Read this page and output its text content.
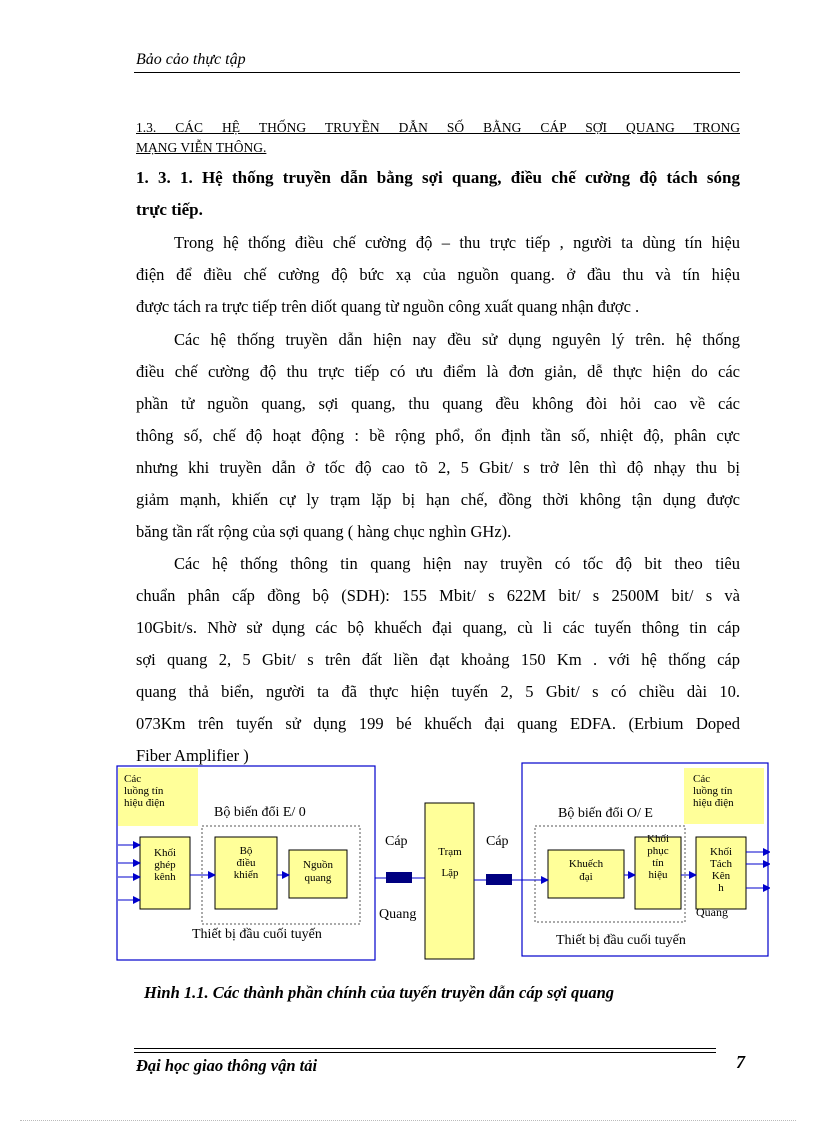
Bảo cảo thực tập
1.3. CÁC HỆ THỐNG TRUYỀN DẪN SỐ BẰNG CÁP SỢI QUANG TRONG
MẠNG VIỄN THÔNG.
1. 3. 1. Hệ thống truyền dẫn bằng sợi quang, điều chế cường độ tách sóng
trực tiếp.
Trong hệ thống điều chế cường độ – thu trực tiếp , người ta dùng tín hiệu
điện để điều chế cường độ bức xạ của nguồn quang. ở đầu thu và tín hiệu
được tách ra trực tiếp trên diốt quang từ nguồn công xuất quang nhận được .
Các hệ thống truyền dẫn hiện nay đều sử dụng nguyên lý trên. hệ thống
điều chế cường độ thu trực tiếp có ưu điểm là đơn giản, dễ thực hiện do các
phần tử nguồn quang, sợi quang, thu quang đều không đòi hỏi cao về các
thông số, chế độ hoạt động : bề rộng phổ, ổn định tần số, nhiệt độ, phân cực
nhưng khi truyền dẫn ở tốc độ cao tõ 2, 5 Gbit/ s trở lên thì độ nhạy thu bị
giảm mạnh, khiến cự ly trạm lặp bị hạn chế, đồng thời không tận dụng được
băng tần rất rộng của sợi quang ( hàng chục nghìn GHz).
Các hệ thống thông tin quang hiện nay truyền có tốc độ bit theo tiêu
chuẩn phân cấp đồng bộ (SDH): 155 Mbit/ s 622M bit/ s 2500M bit/ s và
10Gbit/s. Nhờ sử dụng các bộ khuếch đại quang, cù li các tuyến thông tin cáp
sợi quang 2, 5 Gbit/ s trên đất liền đạt khoảng 150 Km . với hệ thống cáp
quang thả biển, người ta đã thực hiện tuyến 2, 5 Gbit/ s có chiều dài 10.
073Km trên tuyến sử dụng 199 bé khuếch đại quang EDFA. (Erbium Doped
Fiber Amplifier )
Các luồng tín hiệu điện
Bộ biến đổi E/ 0
Khối ghép kênh
Bộ điều khiển
Nguồn quang
Thiết bị đầu cuối tuyến
Cáp
Quang
Trạm Lặp
Cáp
Bộ biến đổi O/ E
Các luồng tín hiệu điện
Khuếch đại
Khối phục tín hiệu
Khối Tách Kên h
Quang
Thiết bị đầu cuối tuyến
Hình 1.1. Các thành phần chính của tuyến truyền dẫn cáp sợi quang
Đại học giao thông vận tải	7
